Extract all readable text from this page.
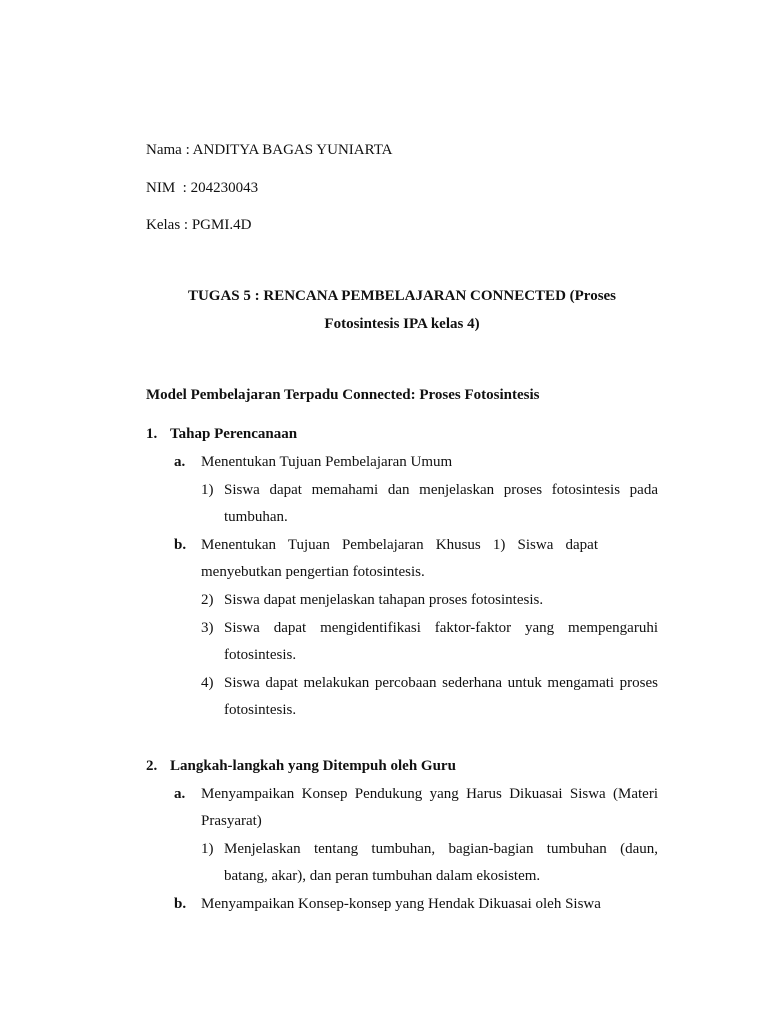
Nama : ANDITYA BAGAS YUNIARTA
NIM  : 204230043
Kelas : PGMI.4D
TUGAS 5 : RENCANA PEMBELAJARAN CONNECTED (Proses
Fotosintesis IPA kelas 4)
Model Pembelajaran Terpadu Connected: Proses Fotosintesis
1. Tahap Perencanaan
a. Menentukan Tujuan Pembelajaran Umum
1) Siswa dapat memahami dan menjelaskan proses fotosintesis pada
tumbuhan.
b. Menentukan Tujuan Pembelajaran Khusus 1) Siswa dapat
menyebutkan pengertian fotosintesis.
2) Siswa dapat menjelaskan tahapan proses fotosintesis.
3) Siswa dapat mengidentifikasi faktor-faktor yang mempengaruhi
fotosintesis.
4) Siswa dapat melakukan percobaan sederhana untuk mengamati proses
fotosintesis.
2. Langkah-langkah yang Ditempuh oleh Guru
a. Menyampaikan Konsep Pendukung yang Harus Dikuasai Siswa (Materi
Prasyarat)
1) Menjelaskan tentang tumbuhan, bagian-bagian tumbuhan (daun,
batang, akar), dan peran tumbuhan dalam ekosistem.
b. Menyampaikan Konsep-konsep yang Hendak Dikuasai oleh Siswa
